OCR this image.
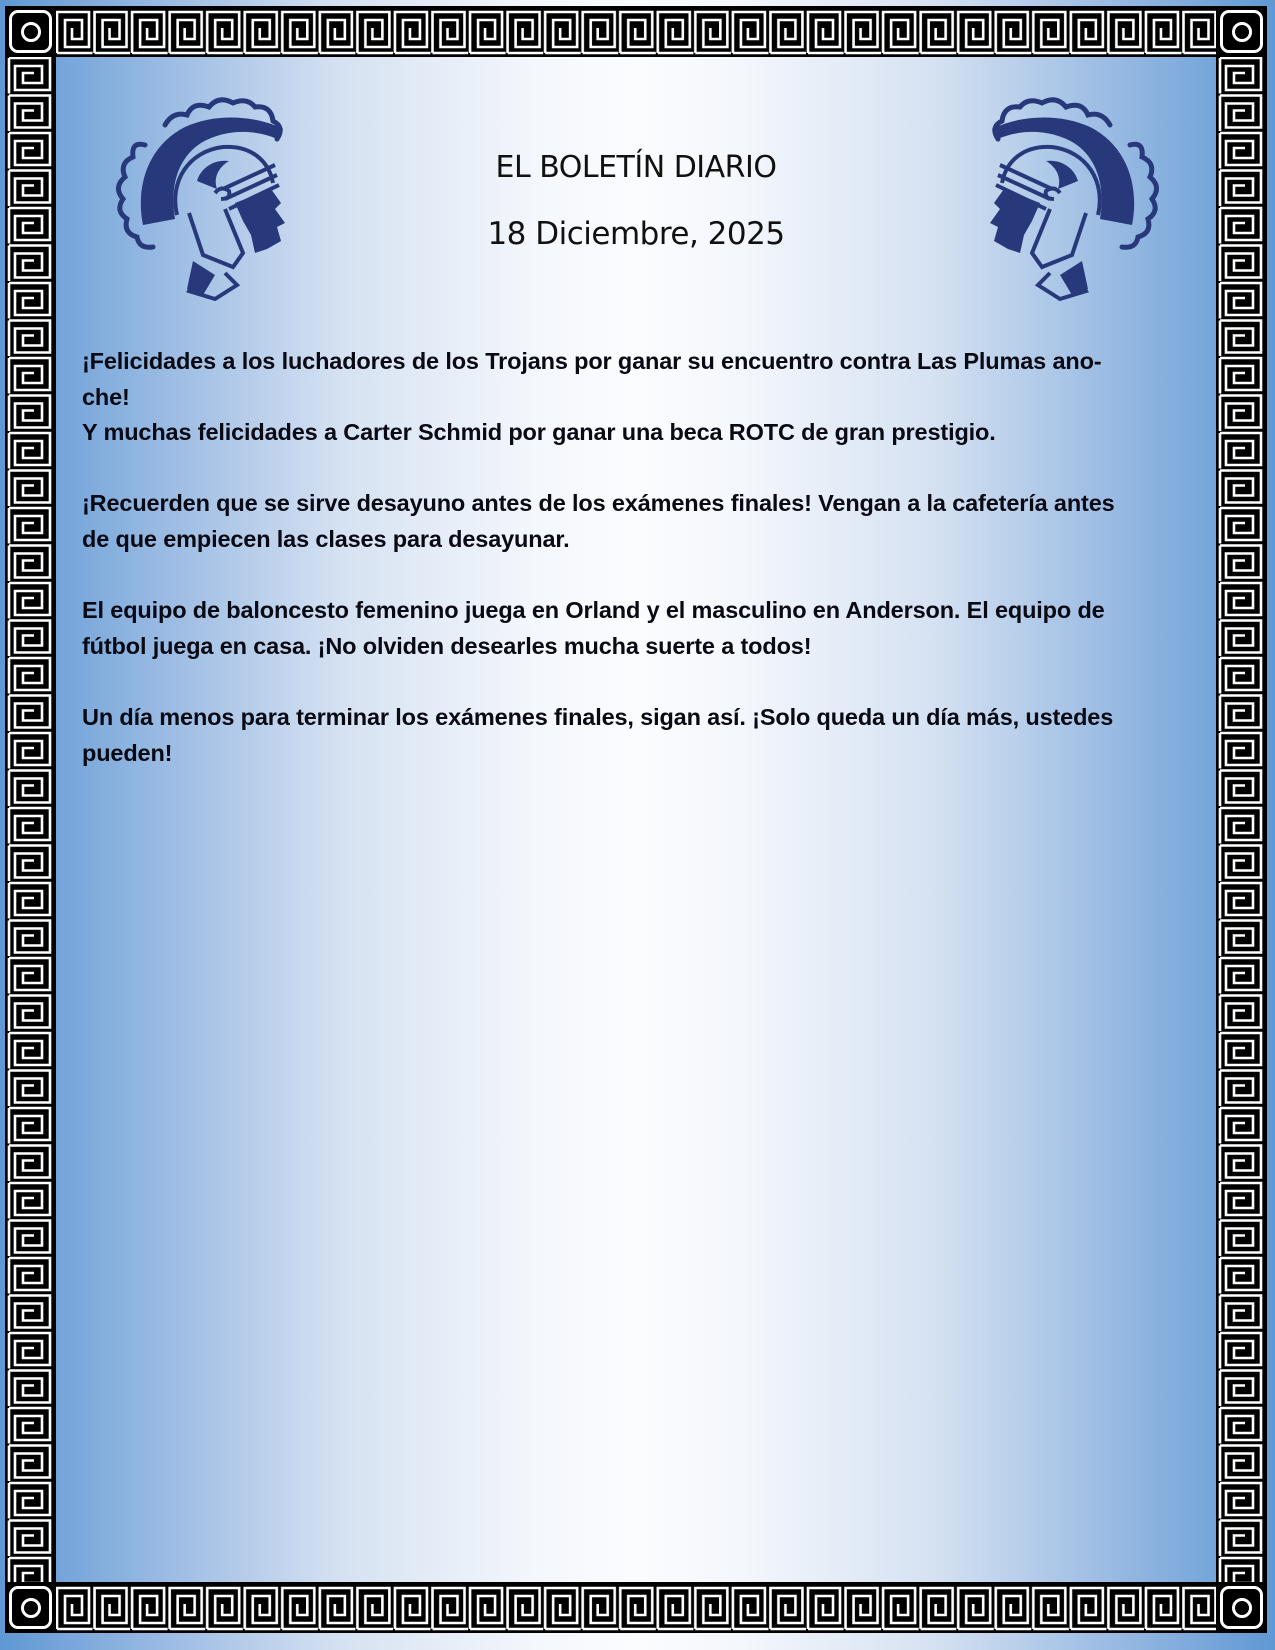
EL BOLETÍN DIARIO
18 Diciembre, 2025

¡Felicidades a los luchadores de los Trojans por ganar su encuentro contra Las Plumas ano-
che!
Y muchas felicidades a Carter Schmid por ganar una beca ROTC de gran prestigio.

¡Recuerden que se sirve desayuno antes de los exámenes finales! Vengan a la cafetería antes
de que empiecen las clases para desayunar.

El equipo de baloncesto femenino juega en Orland y el masculino en Anderson. El equipo de
fútbol juega en casa. ¡No olviden desearles mucha suerte a todos!

Un día menos para terminar los exámenes finales, sigan así. ¡Solo queda un día más, ustedes
pueden!
